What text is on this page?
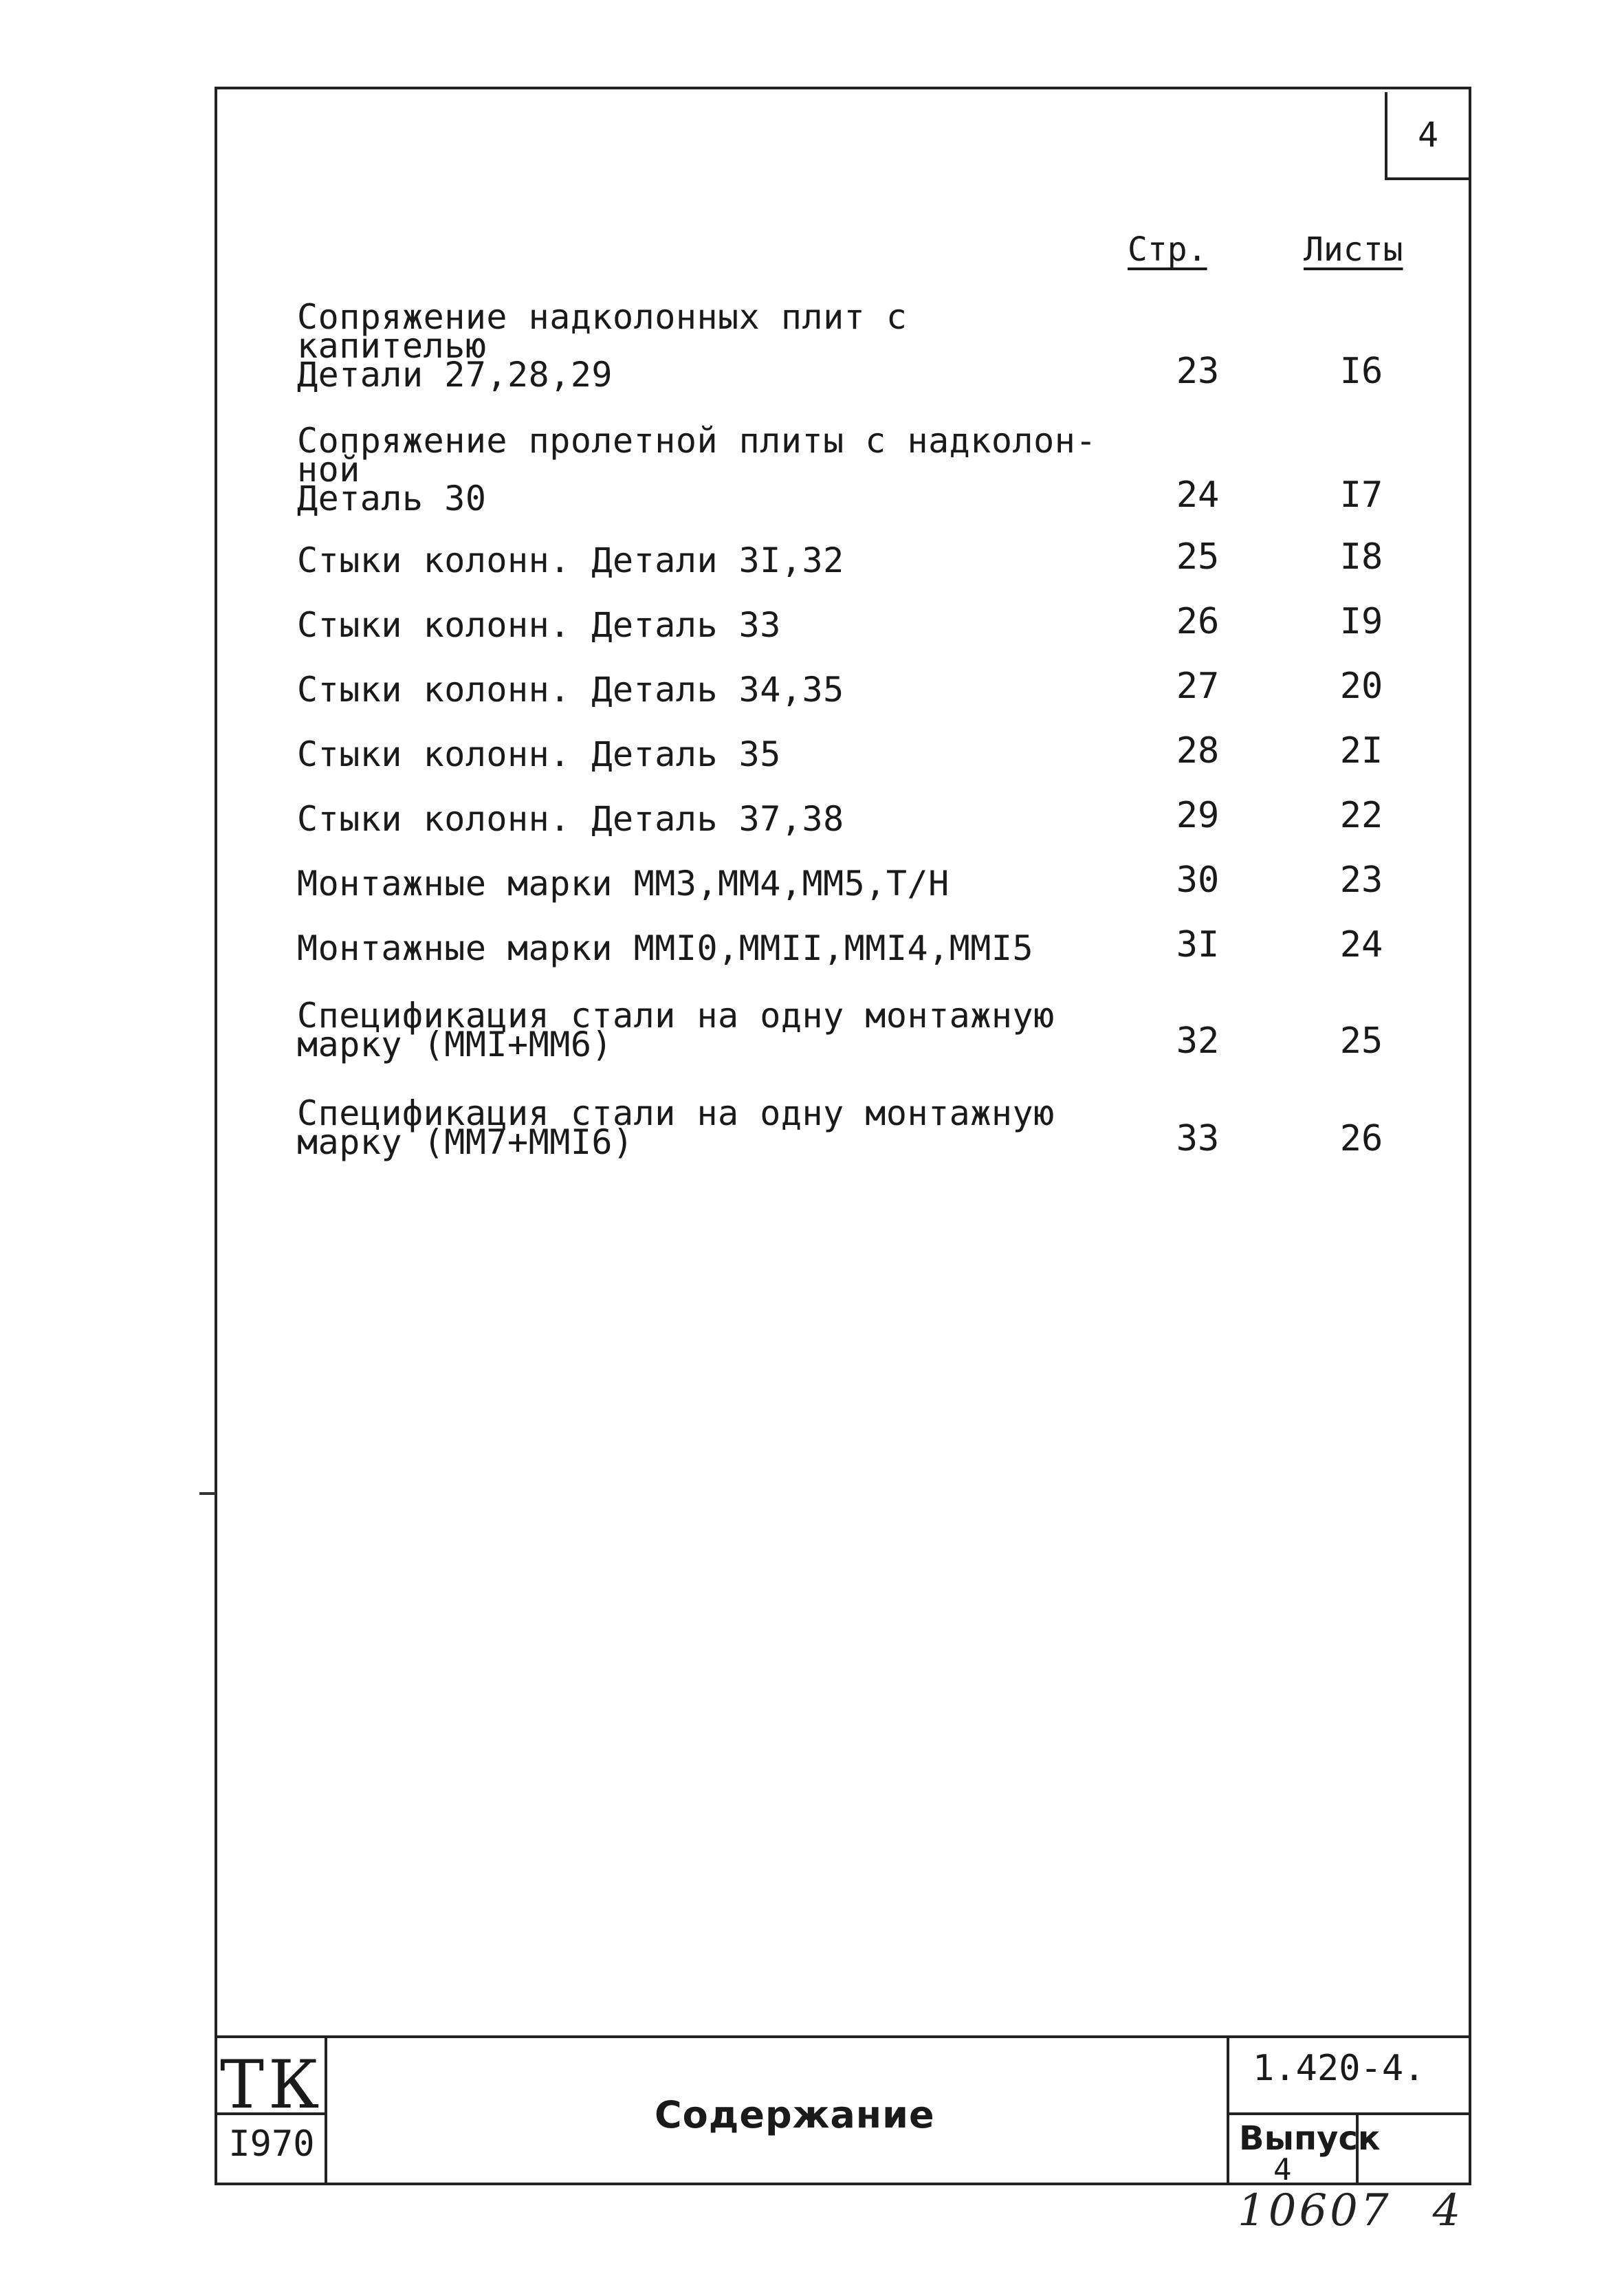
4
Стр.	Листы
Сопряжение надколонных плит с капителью
Детали 27,28,29	23	I6
Сопряжение пролетной плиты с надколон-
ной
Деталь 30	24	I7
Стыки колонн. Детали 3I,32	25	I8
Стыки колонн. Деталь 33	26	I9
Стыки колонн. Деталь 34,35	27	20
Стыки колонн. Деталь 35	28	2I
Стыки колонн. Деталь 37,38	29	22
Монтажные марки ММ3,ММ4,ММ5,Т/Н	30	23
Монтажные марки ММI0,ММII,ММI4,ММI5	3I	24
Спецификация стали на одну монтажную
марку (ММI+ММ6)	32	25
Спецификация стали на одну монтажную
марку (ММ7+ММI6)	33	26
ТК
I970
Содержание
1.420-4.
Выпуск
4
10607 4
